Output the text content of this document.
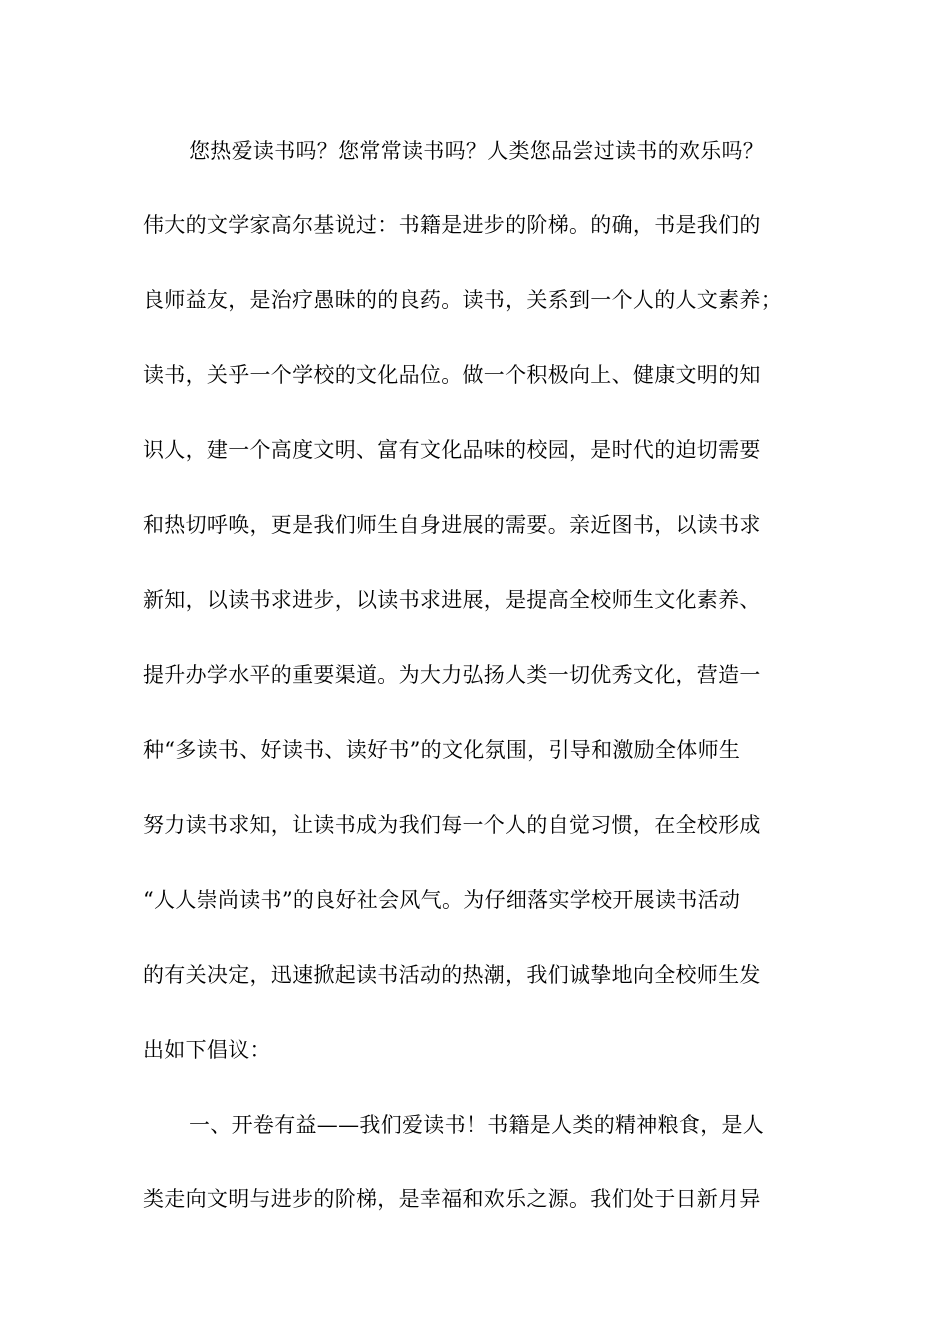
您热爱读书吗？您常常读书吗？人类您品尝过读书的欢乐吗？
伟大的文学家高尔基说过：书籍是进步的阶梯。的确，书是我们的
良师益友，是治疗愚昧的的良药。读书，关系到一个人的人文素养；
读书，关乎一个学校的文化品位。做一个积极向上、健康文明的知
识人，建一个高度文明、富有文化品味的校园，是时代的迫切需要
和热切呼唤，更是我们师生自身进展的需要。亲近图书，以读书求
新知，以读书求进步，以读书求进展，是提高全校师生文化素养、
提升办学水平的重要渠道。为大力弘扬人类一切优秀文化，营造一
种“多读书、好读书、读好书”的文化氛围，引导和激励全体师生
努力读书求知，让读书成为我们每一个人的自觉习惯，在全校形成
“人人崇尚读书”的良好社会风气。为仔细落实学校开展读书活动
的有关决定，迅速掀起读书活动的热潮，我们诚挚地向全校师生发
出如下倡议：
一、开卷有益——我们爱读书！书籍是人类的精神粮食，是人
类走向文明与进步的阶梯，是幸福和欢乐之源。我们处于日新月异
